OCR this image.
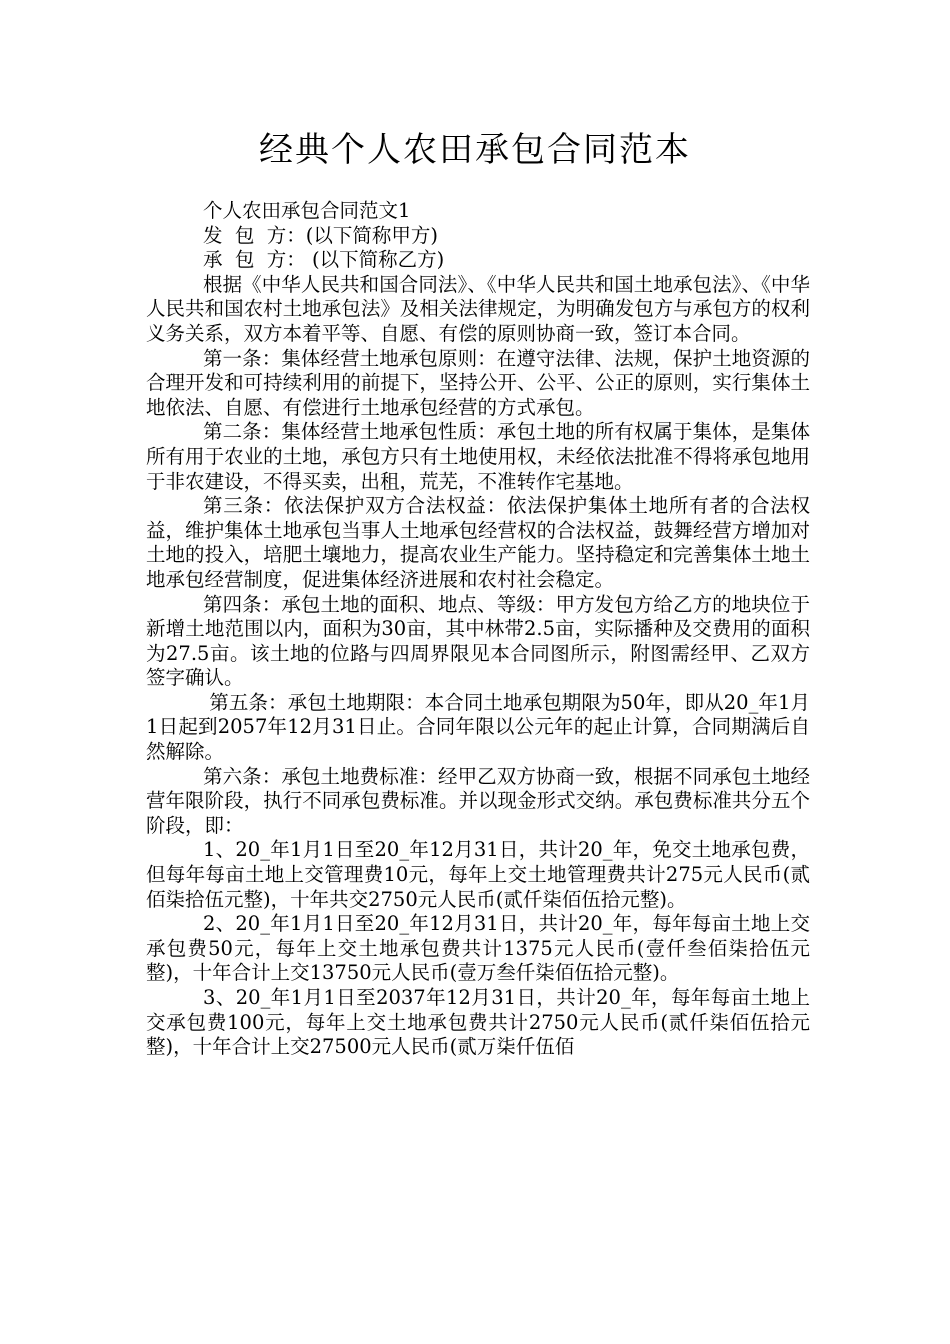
经典个人农田承包合同范本

个人农田承包合同范文1

发  包  方：(以下简称甲方)

承  包  方： (以下简称乙方)

根据《中华人民共和国合同法》、《中华人民共和国土地承包法》、《中华人民共和国农村土地承包法》及相关法律规定，为明确发包方与承包方的权利义务关系，双方本着平等、自愿、有偿的原则协商一致，签订本合同。

第一条：集体经营土地承包原则：在遵守法律、法规，保护土地资源的合理开发和可持续利用的前提下，坚持公开、公平、公正的原则，实行集体土地依法、自愿、有偿进行土地承包经营的方式承包。

第二条：集体经营土地承包性质：承包土地的所有权属于集体，是集体所有用于农业的土地，承包方只有土地使用权，未经依法批准不得将承包地用于非农建设，不得买卖，出租，荒芜，不准转作宅基地。

第三条：依法保护双方合法权益：依法保护集体土地所有者的合法权益，维护集体土地承包当事人土地承包经营权的合法权益，鼓舞经营方增加对土地的投入，培肥土壤地力，提高农业生产能力。坚持稳定和完善集体土地土地承包经营制度，促进集体经济进展和农村社会稳定。

第四条：承包土地的面积、地点、等级：甲方发包方给乙方的地块位于新增土地范围以内，面积为30亩，其中林带2.5亩，实际播种及交费用的面积为27.5亩。该土地的位路与四周界限见本合同图所示，附图需经甲、乙双方签字确认。

第五条：承包土地期限：本合同土地承包期限为50年，即从20_年1月1日起到2057年12月31日止。合同年限以公元年的起止计算，合同期满后自然解除。

第六条：承包土地费标准：经甲乙双方协商一致，根据不同承包土地经营年限阶段，执行不同承包费标准。并以现金形式交纳。承包费标准共分五个阶段，即：

1、20_年1月1日至20_年12月31日，共计20_年，免交土地承包费，但每年每亩土地上交管理费10元，每年上交土地管理费共计275元人民币(贰佰柒拾伍元整)，十年共交2750元人民币(贰仟柒佰伍拾元整)。

2、20_年1月1日至20_年12月31日，共计20_年，每年每亩土地上交承包费50元，每年上交土地承包费共计1375元人民币(壹仟叁佰柒拾伍元整)，十年合计上交13750元人民币(壹万叁仟柒佰伍拾元整)。

3、20_年1月1日至2037年12月31日，共计20_年，每年每亩土地上交承包费100元，每年上交土地承包费共计2750元人民币(贰仟柒佰伍拾元整)，十年合计上交27500元人民币(贰万柒仟伍佰
